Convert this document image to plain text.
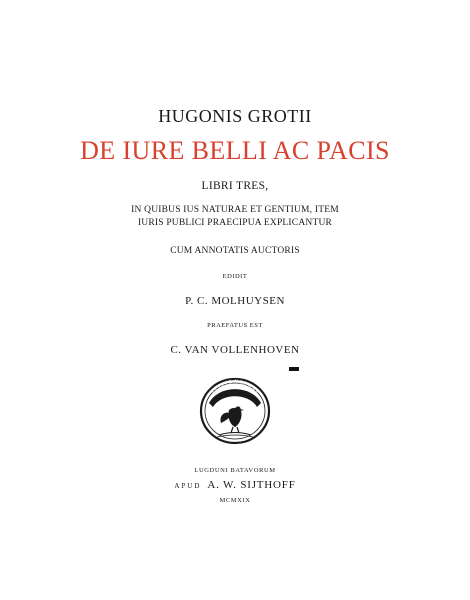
HUGONIS GROTII
DE IURE BELLI AC PACIS
LIBRI TRES,
IN QUIBUS IUS NATURAE ET GENTIUM, ITEM
IURIS PUBLICI PRAECIPUA EXPLICANTUR
CUM ANNOTATIS AUCTORIS
EDIDIT
P. C. MOLHUYSEN
PRAEFATUS EST
C. VAN VOLLENHOVEN
ALTIVS VOLANS
LUGDUNI BATAVORUM
APUD A. W. SIJTHOFF
MCMXIX
